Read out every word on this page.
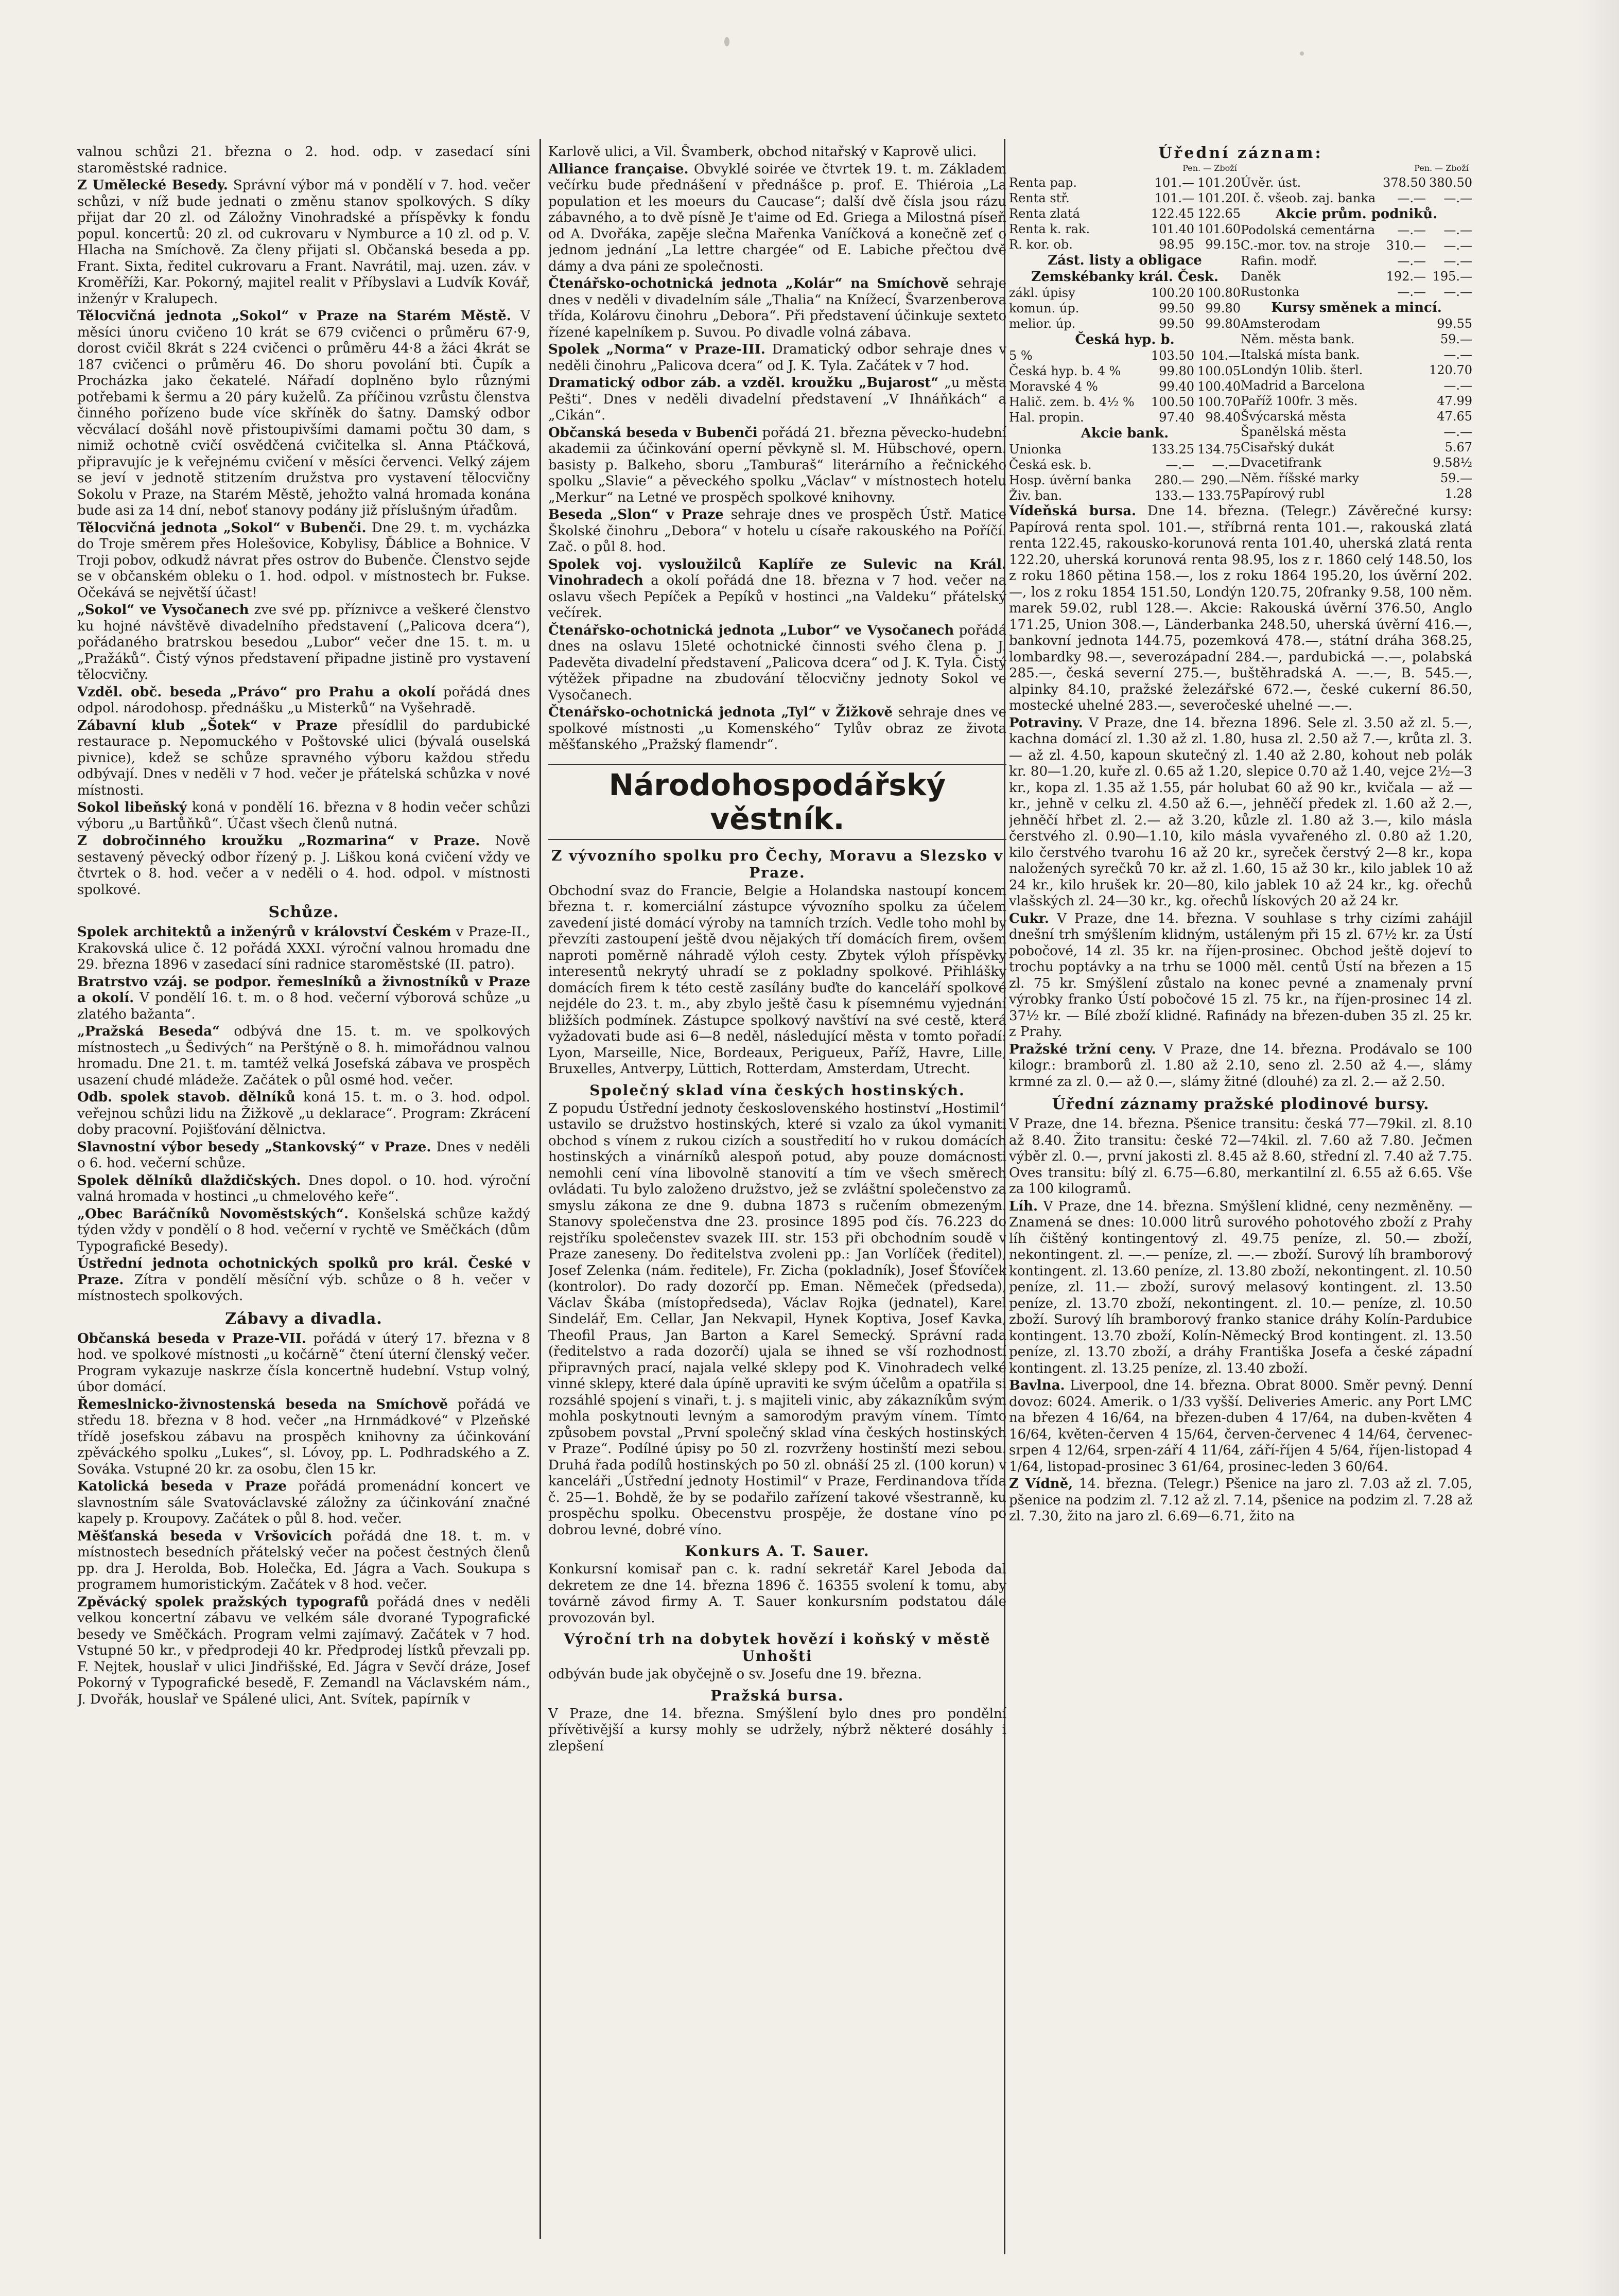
valnou schůzi 21. března o 2. hod. odp. v zasedací síni staroměstské radnice.

Z Umělecké Besedy. Správní výbor má v pondělí v 7. hod. večer schůzi, v níž bude jednati o změnu stanov spolkových. S díky přijat dar 20 zl. od Záložny Vinohradské a příspěvky k fondu popul. koncertů: 20 zl. od cukrovaru v Nymburce a 10 zl. od p. V. Hlacha na Smíchově. Za členy přijati sl. Občanská beseda a pp. Frant. Sixta, ředitel cukrovaru a Frant. Navrátil, maj. uzen. záv. v Kroměříži, Kar. Pokorný, majitel realit v Příbyslavi a Ludvík Kovář, inženýr v Kralupech.

Tělocvičná jednota „Sokol“ v Praze na Starém Městě. V měsíci únoru cvičeno 10 krát se 679 cvičenci o průměru 67·9, dorost cvičil 8krát s 224 cvičenci o průměru 44·8 a žáci 4krát se 187 cvičenci o průměru 46. Do shoru povolání bti. Čupík a Procházka jako čekatelé. Nářadí doplněno bylo různými potřebami k šermu a 20 páry kuželů. Za příčinou vzrůstu členstva činného pořízeno bude více skříněk do šatny. Damský odbor věcválací došáhl nově přistoupivšími damami počtu 30 dam, s nimiž ochotně cvičí osvědčená cvičitelka sl. Anna Ptáčková, připravujíc je k veřejnému cvičení v měsíci červenci. Velký zájem se jeví v jednotě stitzením družstva pro vystavení tělocvičny Sokolu v Praze, na Starém Městě, jehožto valná hromada konána bude asi za 14 dní, neboť stanovy podány již příslušným úřadům.

Tělocvičná jednota „Sokol“ v Bubenči. Dne 29. t. m. vycházka do Troje směrem přes Holešovice, Kobylisy, Ďáblice a Bohnice. V Troji pobov, odkudž návrat přes ostrov do Bubenče. Členstvo sejde se v občanském obleku o 1. hod. odpol. v místnostech br. Fukse. Očekává se největší účast!

„Sokol“ ve Vysočanech zve své pp. příznivce a veškeré členstvo ku hojné návštěvě divadelního představení („Palicova dcera“), pořádaného bratrskou besedou „Lubor“ večer dne 15. t. m. u „Pražáků“. Čistý výnos představení připadne jistině pro vystavení tělocvičny.

Vzděl. obč. beseda „Právo“ pro Prahu a okolí pořádá dnes odpol. národohosp. přednášku „u Misterků“ na Vyšehradě.

Zábavní klub „Šotek“ v Praze přesídlil do pardubické restaurace p. Nepomuckého v Poštovské ulici (bývalá ouselská pivnice), kdež se schůze spravného výboru každou středu odbývají. Dnes v neděli v 7 hod. večer je přátelská schůzka v nové místnosti.

Sokol libeňský koná v pondělí 16. března v 8 hodin večer schůzi výboru „u Bartůňků“. Účast všech členů nutná.

Z dobročinného kroužku „Rozmarina“ v Praze. Nově sestavený pěvecký odbor řízený p. J. Liškou koná cvičení vždy ve čtvrtek o 8. hod. večer a v neděli o 4. hod. odpol. v místnosti spolkové.

Schůze.

Spolek architektů a inženýrů v království Českém v Praze-II., Krakovská ulice č. 12 pořádá XXXI. výroční valnou hromadu dne 29. března 1896 v zasedací síni radnice staroměstské (II. patro).

Bratrstvo vzáj. se podpor. řemeslníků a živnostníků v Praze a okolí. V pondělí 16. t. m. o 8 hod. večerní výborová schůze „u zlatého bažanta“.

„Pražská Beseda“ odbývá dne 15. t. m. ve spolkových místnostech „u Šedivých“ na Perštýně o 8. h. mimořádnou valnou hromadu. Dne 21. t. m. tamtéž velká Josefská zábava ve prospěch usazení chudé mládeže. Začátek o půl osmé hod. večer.

Odb. spolek stavob. dělníků koná 15. t. m. o 3. hod. odpol. veřejnou schůzi lidu na Žižkově „u deklarace“. Program: Zkrácení doby pracovní. Pojišťování dělnictva.

Slavnostní výbor besedy „Stankovský“ v Praze. Dnes v neděli o 6. hod. večerní schůze.

Spolek dělníků dlaždičských. Dnes dopol. o 10. hod. výroční valná hromada v hostinci „u chmelového keře“.

„Obec Baráčníků Novoměstských“. Konšelská schůze každý týden vždy v pondělí o 8 hod. večerní v rychtě ve Směčkách (dům Typografické Besedy).

Ústřední jednota ochotnických spolků pro král. České v Praze. Zítra v pondělí měsíční výb. schůze o 8 h. večer v místnostech spolkových.

Zábavy a divadla.

Občanská beseda v Praze-VII. pořádá v úterý 17. března v 8 hod. ve spolkové místnosti „u kočárně“ čtení úterní členský večer. Program vykazuje naskrze čísla koncertně hudební. Vstup volný, úbor domácí.

Řemeslnicko-živnostenská beseda na Smíchově pořádá ve středu 18. března v 8 hod. večer „na Hrnmádkové“ v Plzeňské třídě josefskou zábavu na prospěch knihovny za účinkování zpěváckého spolku „Lukes“, sl. Lóvoy, pp. L. Podhradského a Z. Sováka. Vstupné 20 kr. za osobu, člen 15 kr.

Katolická beseda v Praze pořádá promenádní koncert ve slavnostním sále Svatováclavské záložny za účinkování značné kapely p. Kroupovy. Začátek o půl 8. hod. večer.

Měšťanská beseda v Vršovicích pořádá dne 18. t. m. v místnostech besedních přátelský večer na počest čestných členů pp. dra J. Herolda, Bob. Holečka, Ed. Jágra a Vach. Soukupa s programem humoristickým. Začátek v 8 hod. večer.

Zpěvácký spolek pražských typografů pořádá dnes v neděli velkou koncertní zábavu ve velkém sále dvorané Typografické besedy ve Směčkách. Program velmi zajímavý. Začátek v 7 hod. Vstupné 50 kr., v předprodeji 40 kr. Předprodej lístků převzali pp. F. Nejtek, houslař v ulici Jindřišské, Ed. Jágra v Sevčí dráze, Josef Pokorný v Typografické besedě, F. Zemandl na Václavském nám., J. Dvořák, houslař ve Spálené ulici, Ant. Svítek, papírník v

Karlově ulici, a Vil. Švamberk, obchod nitařský v Kaprově ulici.

Alliance française. Obvyklé soirée ve čtvrtek 19. t. m. Základem večírku bude přednášení v přednášce p. prof. E. Thiéroia „La population et les moeurs du Caucase“; další dvě čísla jsou rázu zábavného, a to dvě písně Je t'aime od Ed. Griega a Milostná píseň od A. Dvořáka, zapěje slečna Mařenka Vaníčková a konečně zeť o jednom jednání „La lettre chargée“ od E. Labiche přečtou dvě dámy a dva páni ze společnosti.

Čtenářsko-ochotnická jednota „Kolár“ na Smíchově sehraje dnes v neděli v divadelním sále „Thalia“ na Knížecí, Švarzenberova třída, Kolárovu činohru „Debora“. Při představení účinkuje sexteto řízené kapelníkem p. Suvou. Po divadle volná zábava.

Spolek „Norma“ v Praze-III. Dramatický odbor sehraje dnes v neděli činohru „Palicova dcera“ od J. K. Tyla. Začátek v 7 hod.

Dramatický odbor záb. a vzděl. kroužku „Bujarost“ „u města Pešti“. Dnes v neděli divadelní představení „V Ihnáňkách“ a „Cikán“.

Občanská beseda v Bubenči pořádá 21. března pěvecko-hudební akademii za účinkování operní pěvkyně sl. M. Hübschové, opern. basisty p. Balkeho, sboru „Tamburaš“ literárního a řečnického spolku „Slavie“ a pěveckého spolku „Václav“ v místnostech hotelu „Merkur“ na Letné ve prospěch spolkové knihovny.

Beseda „Slon“ v Praze sehraje dnes ve prospěch Ústř. Matice Školské činohru „Debora“ v hotelu u císaře rakouského na Poříčí. Zač. o půl 8. hod.

Spolek voj. vysloužilců Kaplíře ze Sulevic na Král. Vinohradech a okolí pořádá dne 18. března v 7 hod. večer na oslavu všech Pepíček a Pepíků v hostinci „na Valdeku“ přátelský večírek.

Čtenářsko-ochotnická jednota „Lubor“ ve Vysočanech pořádá dnes na oslavu 15leté ochotnické činnosti svého člena p. J. Padevěta divadelní představení „Palicova dcera“ od J. K. Tyla. Čistý výtěžek připadne na zbudování tělocvičny jednoty Sokol ve Vysočanech.

Čtenářsko-ochotnická jednota „Tyl“ v Žižkově sehraje dnes ve spolkové místnosti „u Komenského“ Tylův obraz ze života měšťanského „Pražský flamendr“.

Národohospodářský věstník.
Z vývozního spolku pro Čechy, Moravu a Slezsko v Praze.

Obchodní svaz do Francie, Belgie a Holandska nastoupí koncem března t. r. komerciální zástupce vývozního spolku za účelem zavedení jisté domácí výroby na tamních trzích. Vedle toho mohl by převzíti zastoupení ještě dvou nějakých tří domácích firem, ovšem naproti poměrně náhradě výloh cesty. Zbytek výloh příspěvky interesentů nekrytý uhradí se z pokladny spolkové. Přihlášky domácích firem k této cestě zasílány buďte do kanceláří spolkové nejdéle do 23. t. m., aby zbylo ještě času k písemnému vyjednání bližších podmínek. Zástupce spolkový navštíví na své cestě, která vyžadovati bude asi 6—8 neděl, následující města v tomto pořadí: Lyon, Marseille, Nice, Bordeaux, Perigueux, Paříž, Havre, Lille, Bruxelles, Antverpy, Lüttich, Rotterdam, Amsterdam, Utrecht.

Společný sklad vína českých hostinských.

Z popudu Ústřední jednoty československého hostinství „Hostimil“ ustavilo se družstvo hostinských, které si vzalo za úkol vymaniti obchod s vínem z rukou cizích a soustředití ho v rukou domácích hostinských a vinárníků alespoň potud, aby pouze domácnosti nemohli cení vína libovolně stanovití a tím ve všech směrech ovládati. Tu bylo založeno družstvo, jež se zvláštní společenstvo za smyslu zákona ze dne 9. dubna 1873 s ručením obmezeným. Stanovy společenstva dne 23. prosince 1895 pod čís. 76.223 do rejstříku společenstev svazek III. str. 153 při obchodním soudě v Praze zaneseny. Do ředitelstva zvoleni pp.: Jan Vorlíček (ředitel), Josef Zelenka (nám. ředitele), Fr. Zicha (pokladník), Josef Šťovíček (kontrolor). Do rady dozorčí pp. Eman. Němeček (předseda), Václav Škába (místopředseda), Václav Rojka (jednatel), Karel Sindelář, Em. Cellar, Jan Nekvapil, Hynek Koptiva, Josef Kavka, Theofil Praus, Jan Barton a Karel Semecký. Správní rada (ředitelstvo a rada dozorčí) ujala se ihned se vší rozhodností připravných prací, najala velké sklepy pod K. Vinohradech velké vinné sklepy, které dala úpíně upraviti ke svým účelům a opatřila si rozsáhlé spojení s vinaři, t. j. s majiteli vinic, aby zákazníkům svým mohla poskytnouti levným a samorodým pravým vínem. Tímto způsobem povstal „První společný sklad vína českých hostinských v Praze“. Podílné úpisy po 50 zl. rozvrženy hostinští mezi sebou. Druhá řada podílů hostinských po 50 zl. obnáší 25 zl. (100 korun) v kanceláři „Ústřední jednoty Hostimil“ v Praze, Ferdinandova třída č. 25—1. Bohdě, že by se podařilo zařízení takové všestranně, ku prospěchu spolku. Obecenstvu prospěje, že dostane víno po dobrou levné, dobré víno.

Konkurs A. T. Sauer.

Konkursní komisař pan c. k. radní sekretář Karel Jeboda dal dekretem ze dne 14. března 1896 č. 16355 svolení k tomu, aby továrně závod firmy A. T. Sauer konkursním podstatou dále provozován byl.

Výroční trh na dobytek hovězí i koňský v městě Unhošti

odbýván bude jak obyčejně o sv. Josefu dne 19. března.

Pražská bursa.

V Praze, dne 14. března. Smýšlení bylo dnes pro pondělní přívětivější a kursy mohly se udržely, nýbrž některé dosáhly i zlepšení

Úřední záznam:
Pen. — Zboží	Pen. — Zboží
Renta pap.	101.— 101.20
Renta stř.	101.— 101.20
Renta zlatá	122.45 122.65
Renta k. rak.	101.40 101.60
R. kor. ob.	98.95 99.15
Zást. listy a obligace
Zemskébanky král. Česk.
zákl. úpisy	100.20 100.80
komun. úp.	99.50 99.80
melior. úp.	99.50 99.80
Česká hyp. b.
5 %	103.50 104.—
Česká hyp. b. 4 %	99.80 100.05
Moravské 4 %	99.40 100.40
Halič. zem. b. 4½ %	100.50 100.70
Hal. propin.	97.40 98.40
Akcie bank.
Unionka	133.25 134.75
Česká esk. b.	—.—	—.—
Hosp. úvěrní banka	280.— 290.—
Živ. ban.	133.— 133.75
Úvěr. úst.	378.50 380.50
I. č. všeob. zaj. banka	—.—	—.—
Akcie prům. podniků.
Podolská cementárna	—.—	—.—
C.-mor. tov. na stroje	310.—	—.—
Rafin. modř.	—.—	—.—
Daněk	192.— 195.—
Rustonka	—.—	—.—
Kursy směnek a mincí.
Amsterodam	99.55
Něm. města bank.	59.—
Italská místa bank.	—.—
Londýn 10lib. šterl.	120.70
Madrid a Barcelona	—.—
Paříž 100fr. 3 měs.	47.99
Švýcarská města	47.65
Španělská města	—.—
Cisařský dukát	5.67
Dvacetifrank	9.58½
Něm. říšské marky	59.—
Papírový rubl	1.28

Vídeňská bursa. Dne 14. března. (Telegr.) Závěrečné kursy: Papírová renta spol. 101.—, stříbrná renta 101.—, rakouská zlatá renta 122.45, rakousko-korunová renta 101.40, uherská zlatá renta 122.20, uherská korunová renta 98.95, los z r. 1860 celý 148.50, los z roku 1860 pětina 158.—, los z roku 1864 195.20, los úvěrní 202.—, los z roku 1854 151.50, Londýn 120.75, 20franky 9.58, 100 něm. marek 59.02, rubl 128.—. Akcie: Rakouská úvěrní 376.50, Anglo 171.25, Union 308.—, Länderbanka 248.50, uherská úvěrní 416.—, bankovní jednota 144.75, pozemková 478.—, státní dráha 368.25, lombardky 98.—, severozápadní 284.—, pardubická —.—, polabská 285.—, česká severní 275.—, buštěhradská A. —.—, B. 545.—, alpinky 84.10, pražské železářské 672.—, české cukerní 86.50, mostecké uhelné 283.—, severočeské uhelné —.—.

Potraviny. V Praze, dne 14. března 1896. Sele zl. 3.50 až zl. 5.—, kachna domácí zl. 1.30 až zl. 1.80, husa zl. 2.50 až 7.—, krůta zl. 3.— až zl. 4.50, kapoun skutečný zl. 1.40 až 2.80, kohout neb polák kr. 80—1.20, kuře zl. 0.65 až 1.20, slepice 0.70 až 1.40, vejce 2½—3 kr., kopa zl. 1.35 až 1.55, pár holubat 60 až 90 kr., kvičala — až — kr., jehně v celku zl. 4.50 až 6.—, jehněčí předek zl. 1.60 až 2.—, jehněčí hřbet zl. 2.— až 3.20, kůzle zl. 1.80 až 3.—, kilo másla čerstvého zl. 0.90—1.10, kilo másla vyvařeného zl. 0.80 až 1.20, kilo čerstvého tvarohu 16 až 20 kr., syreček čerstvý 2—8 kr., kopa naložených syrečků 70 kr. až zl. 1.60, 15 až 30 kr., kilo jablek 10 až 24 kr., kilo hrušek kr. 20—80, kilo jablek 10 až 24 kr., kg. ořechů vlašských zl. 24—30 kr., kg. ořechů lískových 20 až 24 kr.

Cukr. V Praze, dne 14. března. V souhlase s trhy cizími zahájil dnešní trh smýšlením klidným, ustáleným při 15 zl. 67½ kr. za Ústí pobočové, 14 zl. 35 kr. na říjen-prosinec. Obchod ještě dojeví to trochu poptávky a na trhu se 1000 měl. centů Ústí na březen a 15 zl. 75 kr. Smýšlení zůstalo na konec pevné a znamenaly první výrobky franko Ústí pobočové 15 zl. 75 kr., na říjen-prosinec 14 zl. 37½ kr. — Bílé zboží klidné. Rafinády na březen-duben 35 zl. 25 kr. z Prahy.

Pražské tržní ceny. V Praze, dne 14. března. Prodávalo se 100 kilogr.: bramborů zl. 1.80 až 2.10, seno zl. 2.50 až 4.—, slámy krmné za zl. 0.— až 0.—, slámy žitné (dlouhé) za zl. 2.— až 2.50.

Úřední záznamy pražské plodinové bursy.

V Praze, dne 14. března. Pšenice transitu: česká 77—79kil. zl. 8.10 až 8.40. Žito transitu: české 72—74kil. zl. 7.60 až 7.80. Ječmen výběr zl. 0.—, první jakosti zl. 8.45 až 8.60, střední zl. 7.40 až 7.75. Oves transitu: bílý zl. 6.75—6.80, merkantilní zl. 6.55 až 6.65. Vše za 100 kilogramů.

Líh. V Praze, dne 14. března. Smýšlení klidné, ceny nezměněny. — Znamená se dnes: 10.000 litrů surového pohotového zboží z Prahy líh čištěný kontingentový zl. 49.75 peníze, zl. 50.— zboží, nekontingent. zl. —.— peníze, zl. —.— zboží. Surový líh bramborový kontingent. zl. 13.60 peníze, zl. 13.80 zboží, nekontingent. zl. 10.50 peníze, zl. 11.— zboží, surový melasový kontingent. zl. 13.50 peníze, zl. 13.70 zboží, nekontingent. zl. 10.— peníze, zl. 10.50 zboží. Surový líh bramborový franko stanice dráhy Kolín-Pardubice kontingent. 13.70 zboží, Kolín-Německý Brod kontingent. zl. 13.50 peníze, zl. 13.70 zboží, a dráhy Františka Josefa a české západní kontingent. zl. 13.25 peníze, zl. 13.40 zboží.

Bavlna. Liverpool, dne 14. března. Obrat 8000. Směr pevný. Denní dovoz: 6024. Amerik. o 1/33 vyšší. Deliveries Americ. any Port LMC na březen 4 16/64, na březen-duben 4 17/64, na duben-květen 4 16/64, květen-červen 4 15/64, červen-červenec 4 14/64, červenec-srpen 4 12/64, srpen-září 4 11/64, září-říjen 4 5/64, říjen-listopad 4 1/64, listopad-prosinec 3 61/64, prosinec-leden 3 60/64.

Z Vídně, 14. března. (Telegr.) Pšenice na jaro zl. 7.03 až zl. 7.05, pšenice na podzim zl. 7.12 až zl. 7.14, pšenice na podzim zl. 7.28 až zl. 7.30, žito na jaro zl. 6.69—6.71, žito na
